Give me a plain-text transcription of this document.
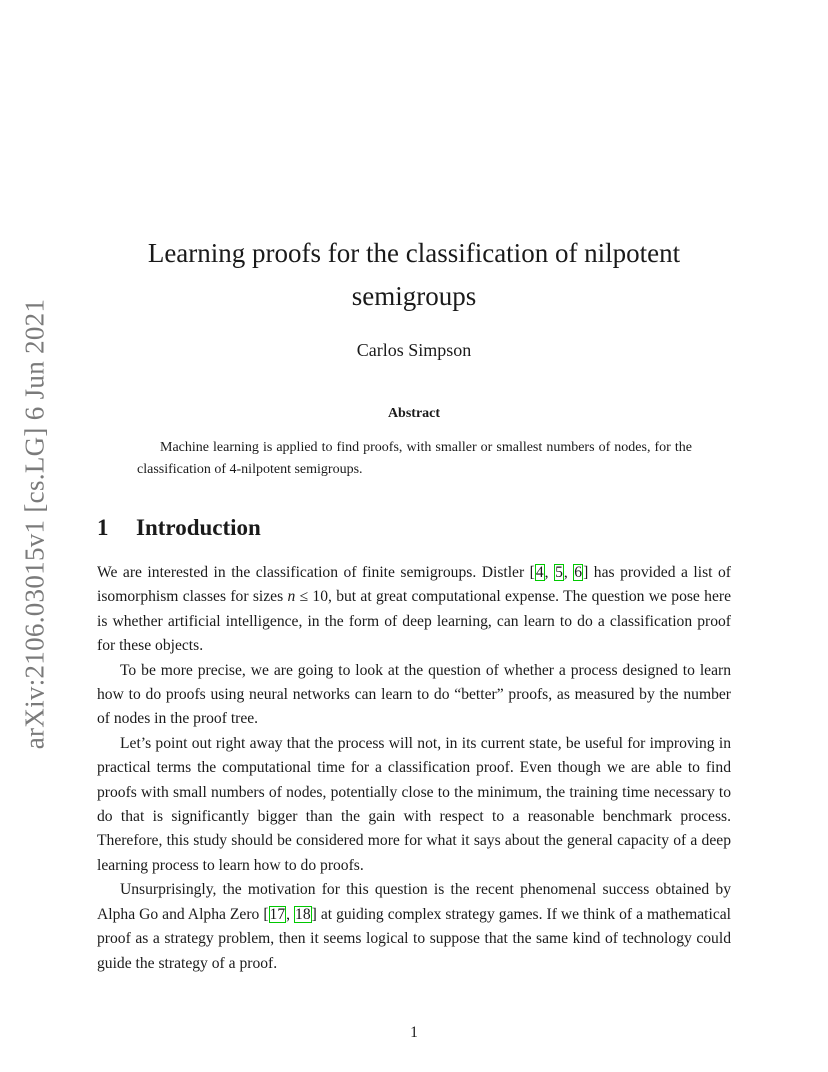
arXiv:2106.03015v1 [cs.LG] 6 Jun 2021
Learning proofs for the classification of nilpotent
semigroups
Carlos Simpson
Abstract

Machine learning is applied to find proofs, with smaller or smallest numbers of nodes, for the classification of 4-nilpotent semigroups.

1 Introduction

We are interested in the classification of finite semigroups. Distler [4, 5, 6] has provided a list of isomorphism classes for sizes n ≤ 10, but at great computational expense. The question we pose here is whether artificial intelligence, in the form of deep learning, can learn to do a classification proof for these objects.

To be more precise, we are going to look at the question of whether a process designed to learn how to do proofs using neural networks can learn to do “better” proofs, as measured by the number of nodes in the proof tree.

Let’s point out right away that the process will not, in its current state, be useful for improving in practical terms the computational time for a classification proof. Even though we are able to find proofs with small numbers of nodes, potentially close to the minimum, the training time necessary to do that is significantly bigger than the gain with respect to a reasonable benchmark process. Therefore, this study should be considered more for what it says about the general capacity of a deep learning process to learn how to do proofs.

Unsurprisingly, the motivation for this question is the recent phenomenal success obtained by Alpha Go and Alpha Zero [17, 18] at guiding complex strategy games. If we think of a mathematical proof as a strategy problem, then it seems logical to suppose that the same kind of technology could guide the strategy of a proof.

1
